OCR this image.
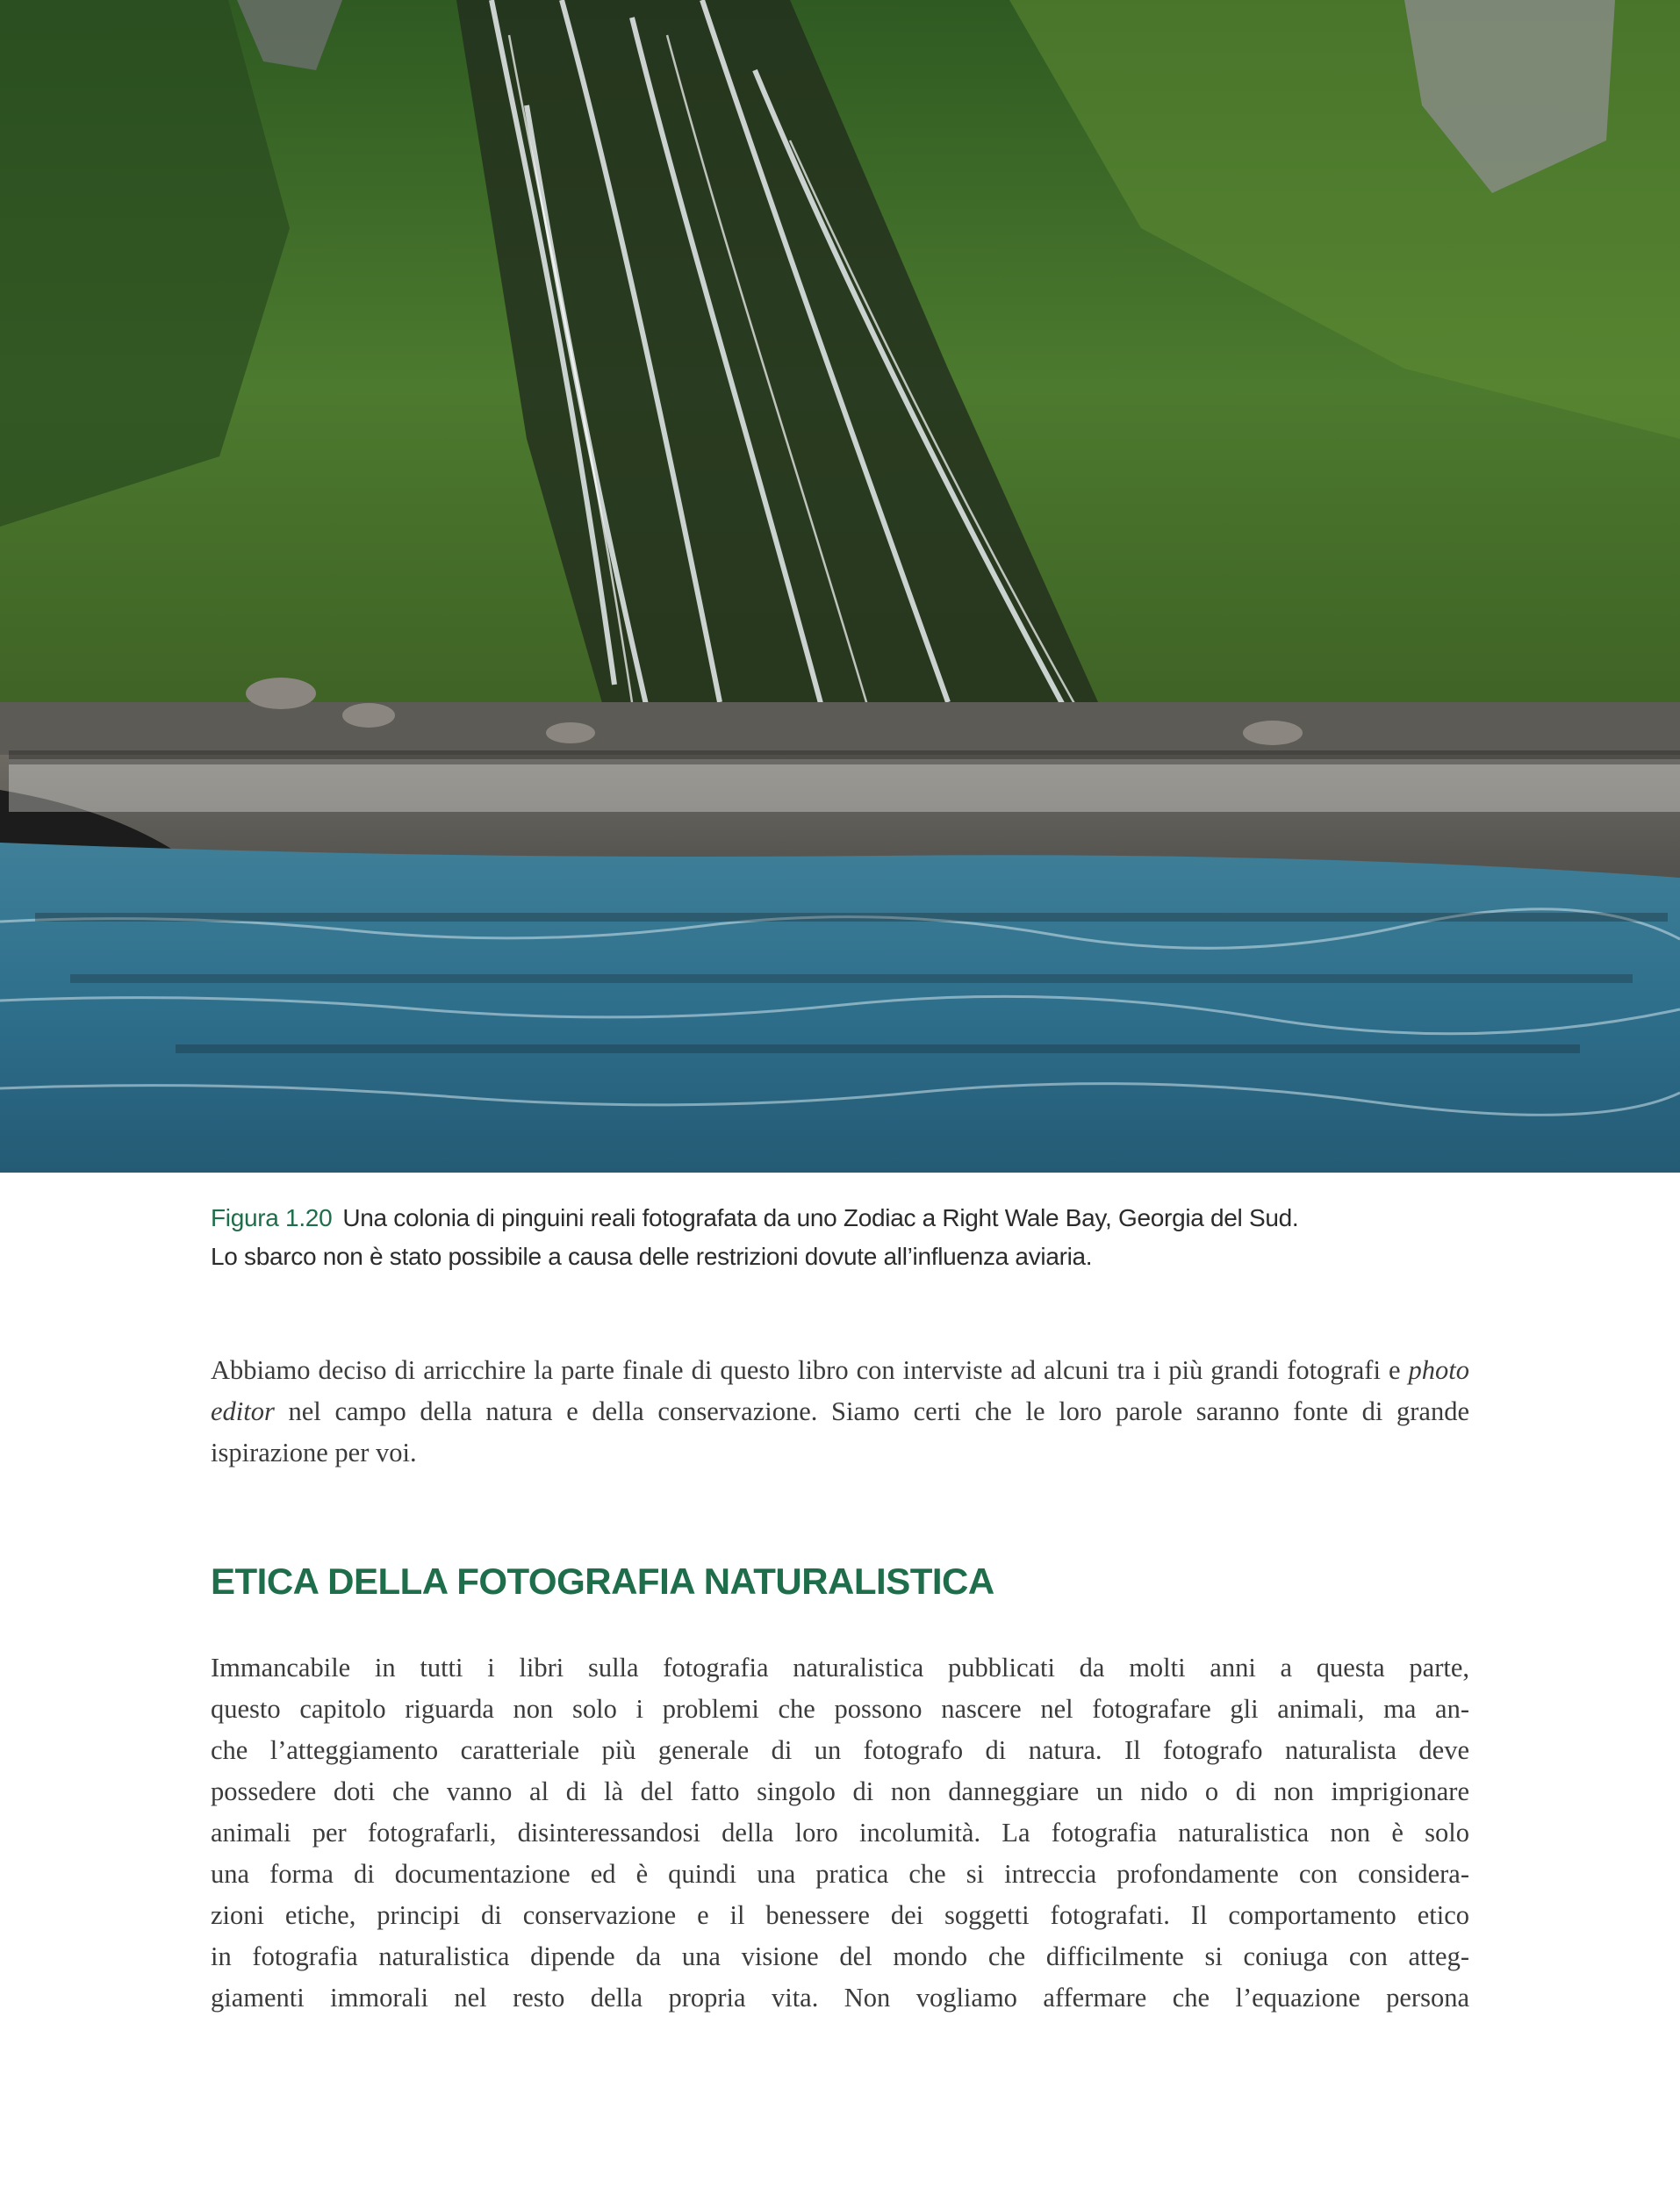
Figura 1.20 Una colonia di pinguini reali fotografata da uno Zodiac a Right Wale Bay, Georgia del Sud.
Lo sbarco non è stato possibile a causa delle restrizioni dovute all’influenza aviaria.
Abbiamo deciso di arricchire la parte finale di questo libro con interviste ad alcuni tra i più grandi fotografi e photo editor nel campo della natura e della conservazione. Siamo certi che le loro parole saranno fonte di grande ispirazione per voi.
ETICA DELLA FOTOGRAFIA NATURALISTICA
Immancabile in tutti i libri sulla fotografia naturalistica pubblicati da molti anni a questa parte,
questo capitolo riguarda non solo i problemi che possono nascere nel fotografare gli animali, ma an-
che l’atteggiamento caratteriale più generale di un fotografo di natura. Il fotografo naturalista deve
possedere doti che vanno al di là del fatto singolo di non danneggiare un nido o di non imprigionare
animali per fotografarli, disinteressandosi della loro incolumità. La fotografia naturalistica non è solo
una forma di documentazione ed è quindi una pratica che si intreccia profondamente con considera-
zioni etiche, principi di conservazione e il benessere dei soggetti fotografati. Il comportamento etico
in fotografia naturalistica dipende da una visione del mondo che difficilmente si coniuga con atteg-
giamenti immorali nel resto della propria vita. Non vogliamo affermare che l’equazione persona
